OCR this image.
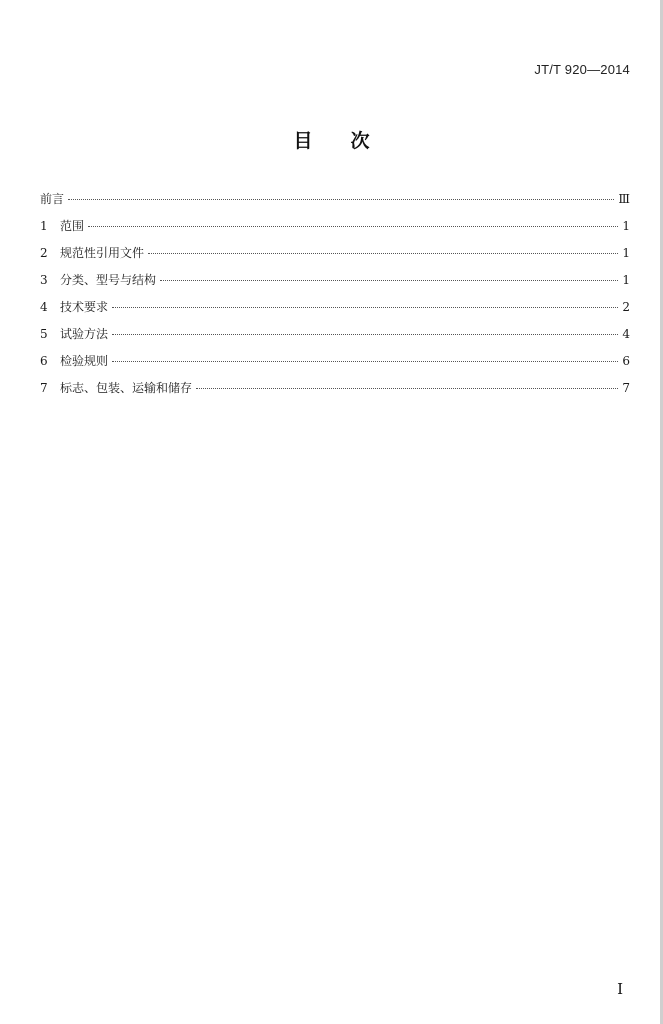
JT/T 920—2014
目 次
前言	Ⅲ
1	范围	1
2	规范性引用文件	1
3	分类、型号与结构	1
4	技术要求	2
5	试验方法	4
6	检验规则	6
7	标志、包装、运输和储存	7
Ⅰ
